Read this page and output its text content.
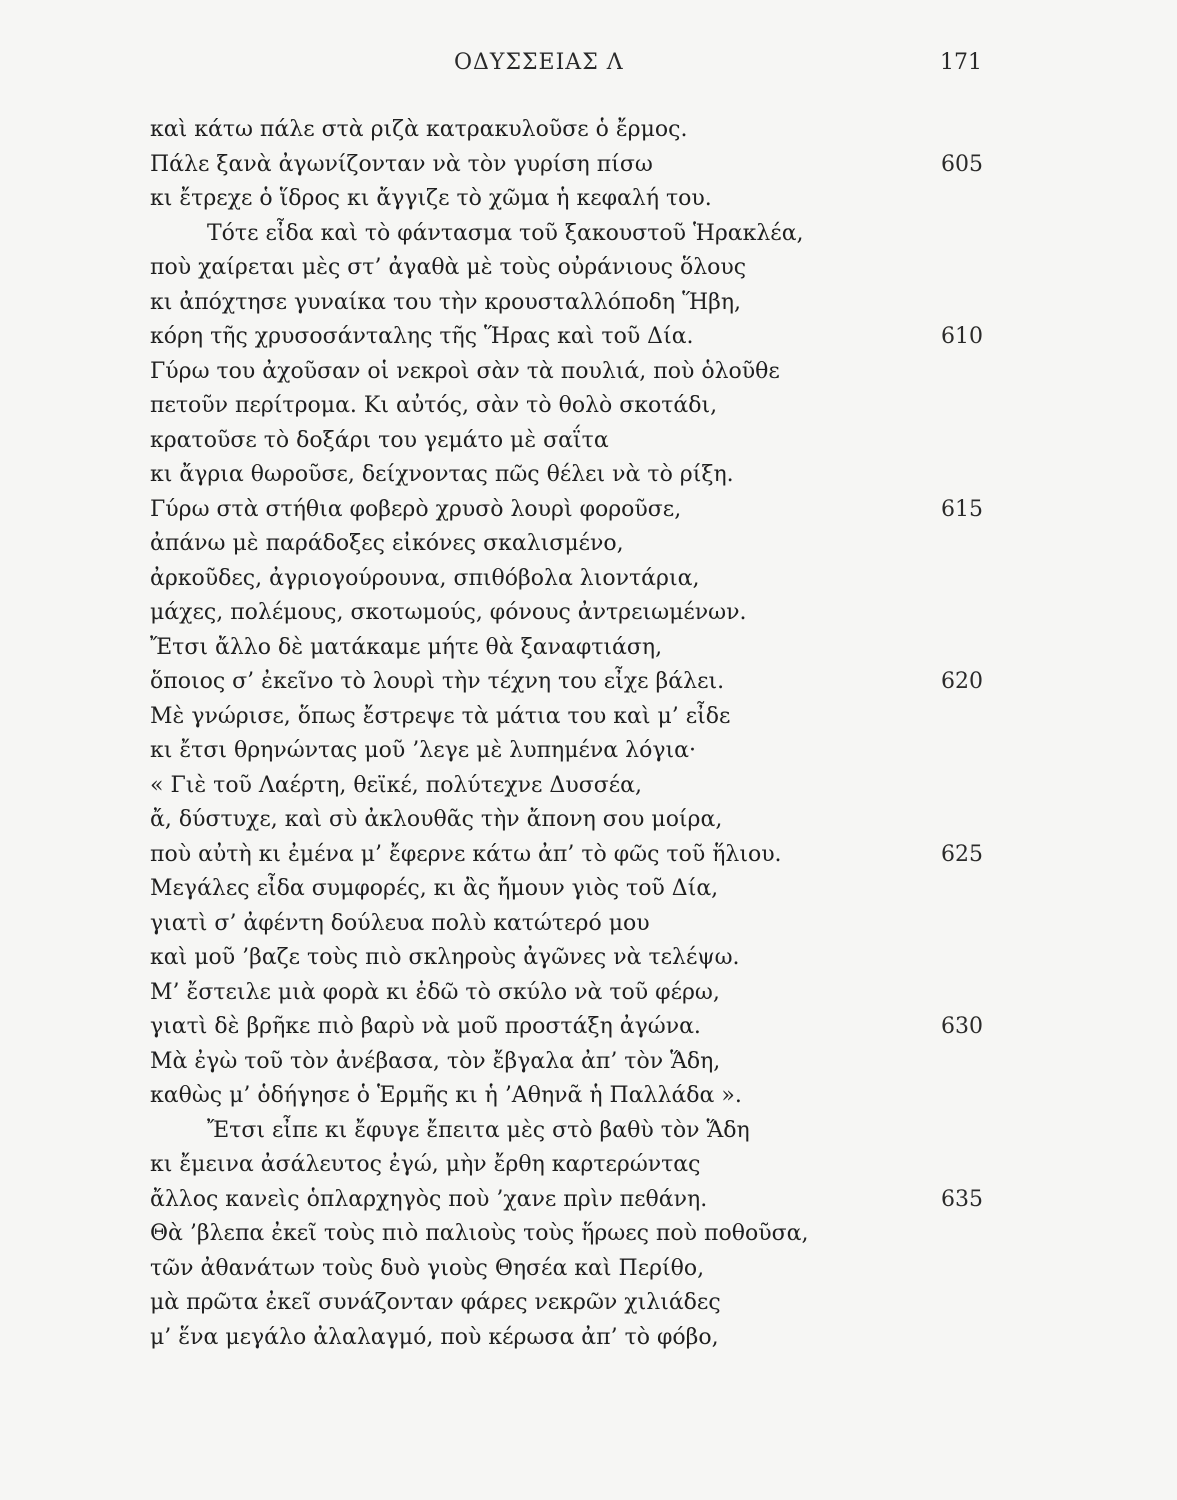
ΟΔΥΣΣΕΙΑΣ Λ	171
καὶ κάτω πάλε στὰ ριζὰ κατρακυλοῦσε ὁ ἔρμος.
Πάλε ξανὰ ἀγωνίζονταν νὰ τὸν γυρίση πίσω	605
κι ἔτρεχε ὁ ἵδρος κι ἄγγιζε τὸ χῶμα ἡ κεφαλή του.
Τότε εἶδα καὶ τὸ φάντασμα τοῦ ξακουστοῦ Ἡρακλέα,
ποὺ χαίρεται μὲς στ’ ἀγαθὰ μὲ τοὺς οὐράνιους ὅλους
κι ἀπόχτησε γυναίκα του τὴν κρουσταλλόποδη Ἥβη,
κόρη τῆς χρυσοσάνταλης τῆς Ἥρας καὶ τοῦ Δία.	610
Γύρω του ἀχοῦσαν οἱ νεκροὶ σὰν τὰ πουλιά, ποὺ ὁλοῦθε
πετοῦν περίτρομα. Κι αὐτός, σὰν τὸ θολὸ σκοτάδι,
κρατοῦσε τὸ δοξάρι του γεμάτο μὲ σαΐτα
κι ἄγρια θωροῦσε, δείχνοντας πῶς θέλει νὰ τὸ ρίξη.
Γύρω στὰ στήθια φοβερὸ χρυσὸ λουρὶ φοροῦσε,	615
ἀπάνω μὲ παράδοξες εἰκόνες σκαλισμένο,
ἀρκοῦδες, ἀγριογούρουνα, σπιθόβολα λιοντάρια,
μάχες, πολέμους, σκοτωμούς, φόνους ἀντρειωμένων.
Ἔτσι ἄλλο δὲ ματάκαμε μήτε θὰ ξαναφτιάση,
ὅποιος σ’ ἐκεῖνο τὸ λουρὶ τὴν τέχνη του εἶχε βάλει.	620
Μὲ γνώρισε, ὅπως ἔστρεψε τὰ μάτια του καὶ μ’ εἶδε
κι ἔτσι θρηνώντας μοῦ ’λεγε μὲ λυπημένα λόγια·
« Γιὲ τοῦ Λαέρτη, θεϊκέ, πολύτεχνε Δυσσέα,
ἄ, δύστυχε, καὶ σὺ ἀκλουθᾶς τὴν ἄπονη σου μοίρα,
ποὺ αὐτὴ κι ἐμένα μ’ ἔφερνε κάτω ἀπ’ τὸ φῶς τοῦ ἥλιου.	625
Μεγάλες εἶδα συμφορές, κι ἂς ἤμουν γιὸς τοῦ Δία,
γιατὶ σ’ ἀφέντη δούλευα πολὺ κατώτερό μου
καὶ μοῦ ’βαζε τοὺς πιὸ σκληροὺς ἀγῶνες νὰ τελέψω.
Μ’ ἔστειλε μιὰ φορὰ κι ἐδῶ τὸ σκύλο νὰ τοῦ φέρω,
γιατὶ δὲ βρῆκε πιὸ βαρὺ νὰ μοῦ προστάξη ἀγώνα.	630
Μὰ ἐγὼ τοῦ τὸν ἀνέβασα, τὸν ἔβγαλα ἀπ’ τὸν Ἅδη,
καθὼς μ’ ὁδήγησε ὁ Ἑρμῆς κι ἡ ’Αθηνᾶ ἡ Παλλάδα ».
Ἔτσι εἶπε κι ἔφυγε ἔπειτα μὲς στὸ βαθὺ τὸν Ἅδη
κι ἔμεινα ἀσάλευτος ἐγώ, μὴν ἔρθη καρτερώντας
ἄλλος κανεὶς ὁπλαρχηγὸς ποὺ ’χανε πρὶν πεθάνη.	635
Θὰ ’βλεπα ἐκεῖ τοὺς πιὸ παλιοὺς τοὺς ἥρωες ποὺ ποθοῦσα,
τῶν ἀθανάτων τοὺς δυὸ γιοὺς Θησέα καὶ Περίθο,
μὰ πρῶτα ἐκεῖ συνάζονταν φάρες νεκρῶν χιλιάδες
μ’ ἕνα μεγάλο ἀλαλαγμό, ποὺ κέρωσα ἀπ’ τὸ φόβο,
